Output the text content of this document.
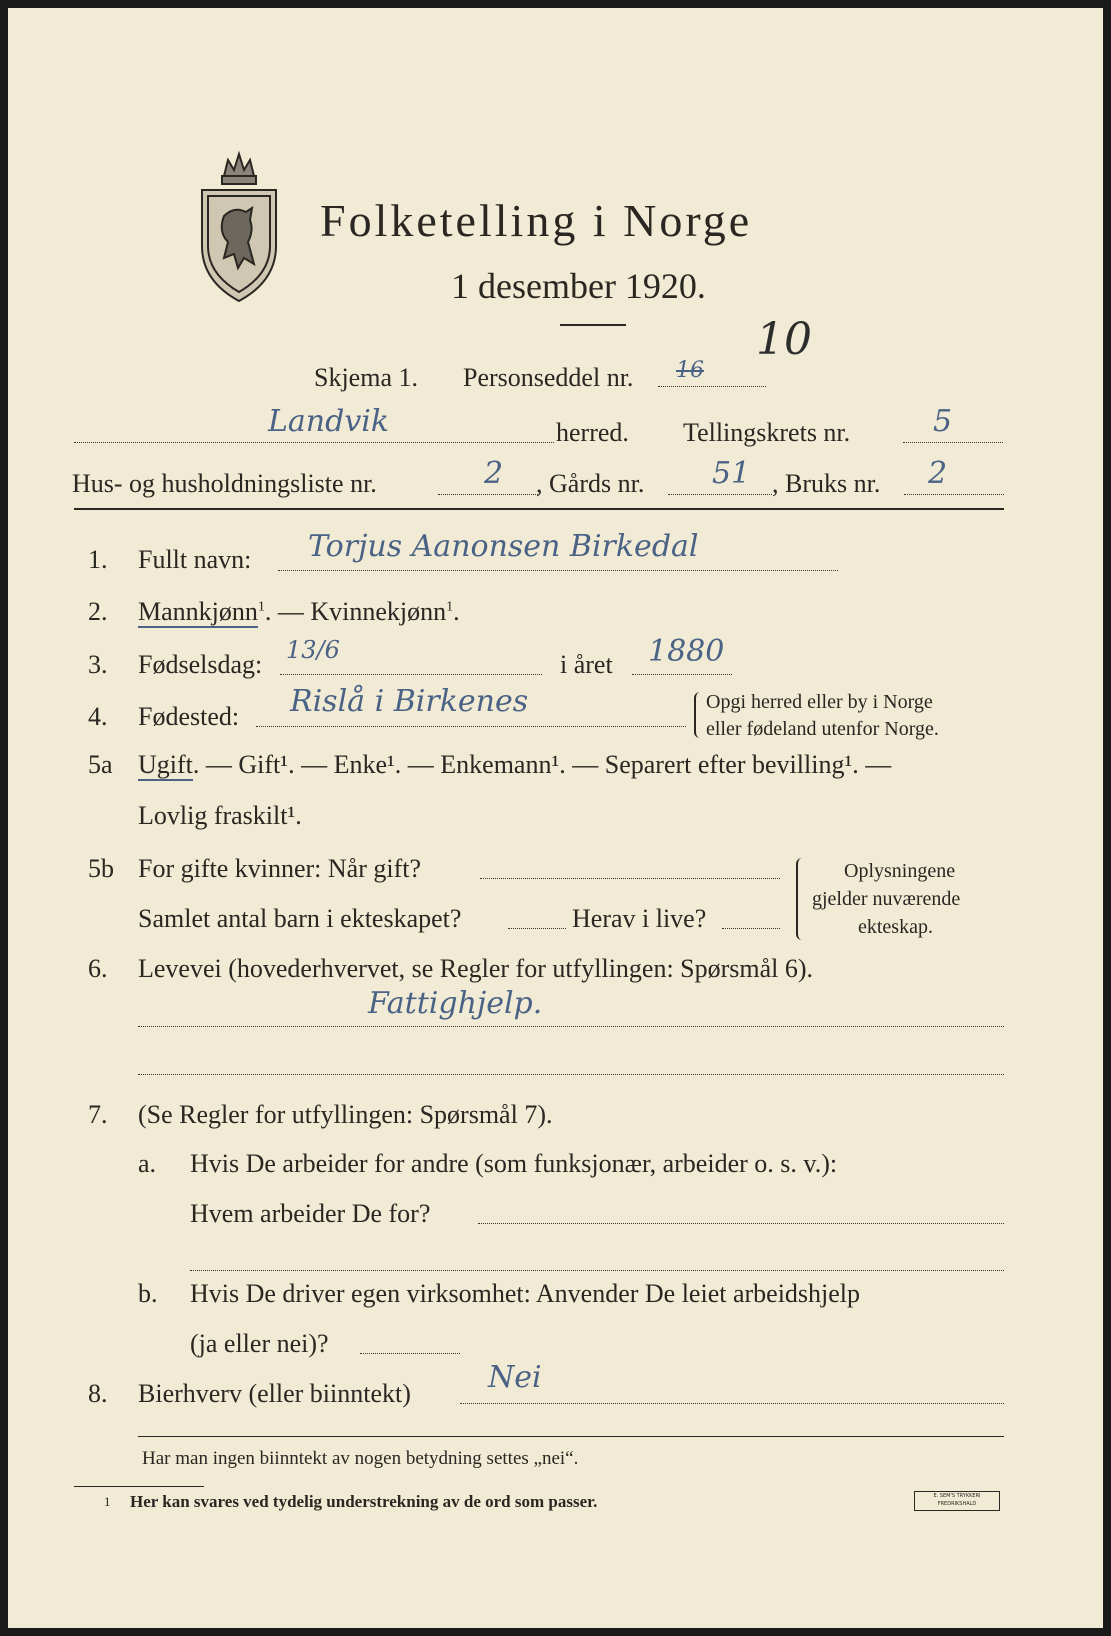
Folketelling i Norge
1 desember 1920.
Skjema 1. Personseddel nr. 16
10
Landvik	herred. Tellingskrets nr.	5
Hus- og husholdningsliste nr.	2 , Gårds nr. 51 , Bruks nr. 2
1. Fullt navn: Torjus Aanonsen Birkedal
2. Mannkjønn$^1$. — Kvinnekjønn$^1$.
3. Fødselsdag: 13/6	i året 1880
4. Fødested: Rislå i Birkenes	Opgi herred eller by i Norge
eller fødeland utenfor Norge.
5a Ugift. — Gift¹. — Enke¹. — Enkemann¹. — Separert efter bevilling¹. —
Lovlig fraskilt¹.
5b For gifte kvinner: Når gift?
Samlet antal barn i ekteskapet?	Herav i live?
Oplysningene
gjelder nuværende
ekteskap.
6. Levevei (hovederhvervet, se Regler for utfyllingen: Spørsmål 6).
Fattighjelp.
7. (Se Regler for utfyllingen: Spørsmål 7).
a. Hvis De arbeider for andre (som funksjonær, arbeider o. s. v.):
Hvem arbeider De for?
b. Hvis De driver egen virksomhet: Anvender De leiet arbeidshjelp
(ja eller nei)?
8. Bierhverv (eller biinntekt)	Nei
Har man ingen biinntekt av nogen betydning settes „nei“.
1 Her kan svares ved tydelig understrekning av de ord som passer.	E. SEM'S TRYKKERI
FREDRIKSHALD
